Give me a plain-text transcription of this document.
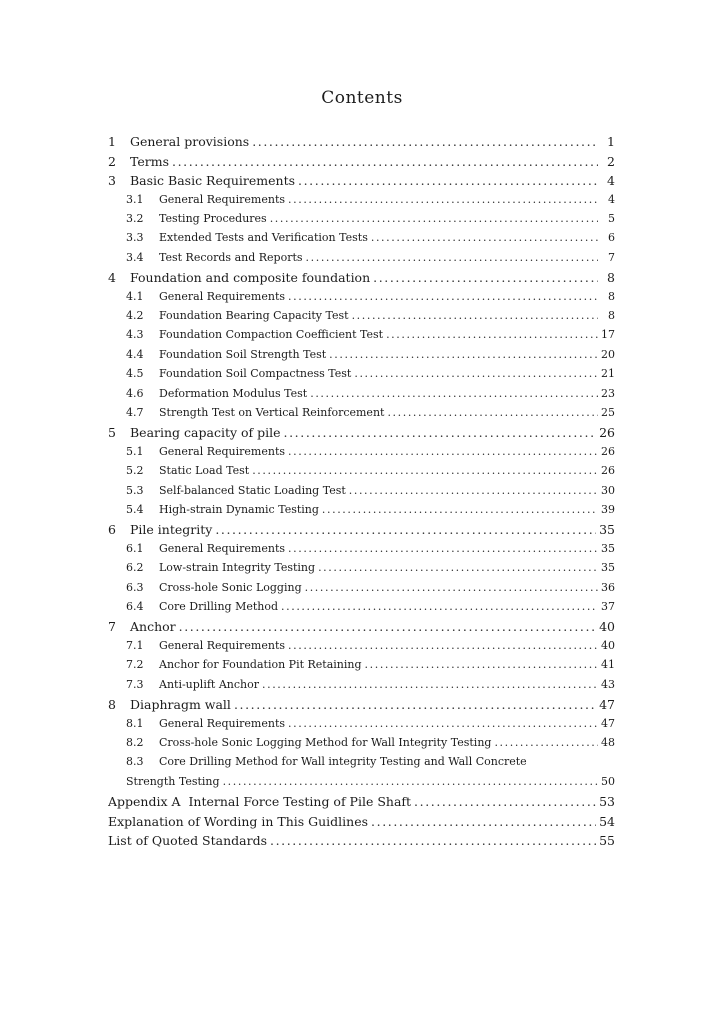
Contents
1	General provisions .....	1
2	Terms .....	2
3	Basic Basic Requirements .....	4
3.1	General Requirements .....	4
3.2	Testing Procedures .....	5
3.3	Extended Tests and Verification Tests .....	6
3.4	Test Records and Reports .....	7
4	Foundation and composite foundation .....	8
4.1	General Requirements .....	8
4.2	Foundation Bearing Capacity Test .....	8
4.3	Foundation Compaction Coefficient Test .....	17
4.4	Foundation Soil Strength Test .....	20
4.5	Foundation Soil Compactness Test .....	21
4.6	Deformation Modulus Test .....	23
4.7	Strength Test on Vertical Reinforcement .....	25
5	Bearing capacity of pile .....	26
5.1	General Requirements .....	26
5.2	Static Load Test .....	26
5.3	Self-balanced Static Loading Test .....	30
5.4	High-strain Dynamic Testing .....	39
6	Pile integrity .....	35
6.1	General Requirements .....	35
6.2	Low-strain Integrity Testing .....	35
6.3	Cross-hole Sonic Logging .....	36
6.4	Core Drilling Method .....	37
7	Anchor .....	40
7.1	General Requirements .....	40
7.2	Anchor for Foundation Pit Retaining .....	41
7.3	Anti-uplift Anchor .....	43
8	Diaphragm wall .....	47
8.1	General Requirements .....	47
8.2	Cross-hole Sonic Logging Method for Wall Integrity Testing .....	48
8.3	Core Drilling Method for Wall integrity Testing and Wall Concrete
Strength Testing .....	50
Appendix A  Internal Force Testing of Pile Shaft .....	53
Explanation of Wording in This Guidlines .....	54
List of Quoted Standards .....	55
